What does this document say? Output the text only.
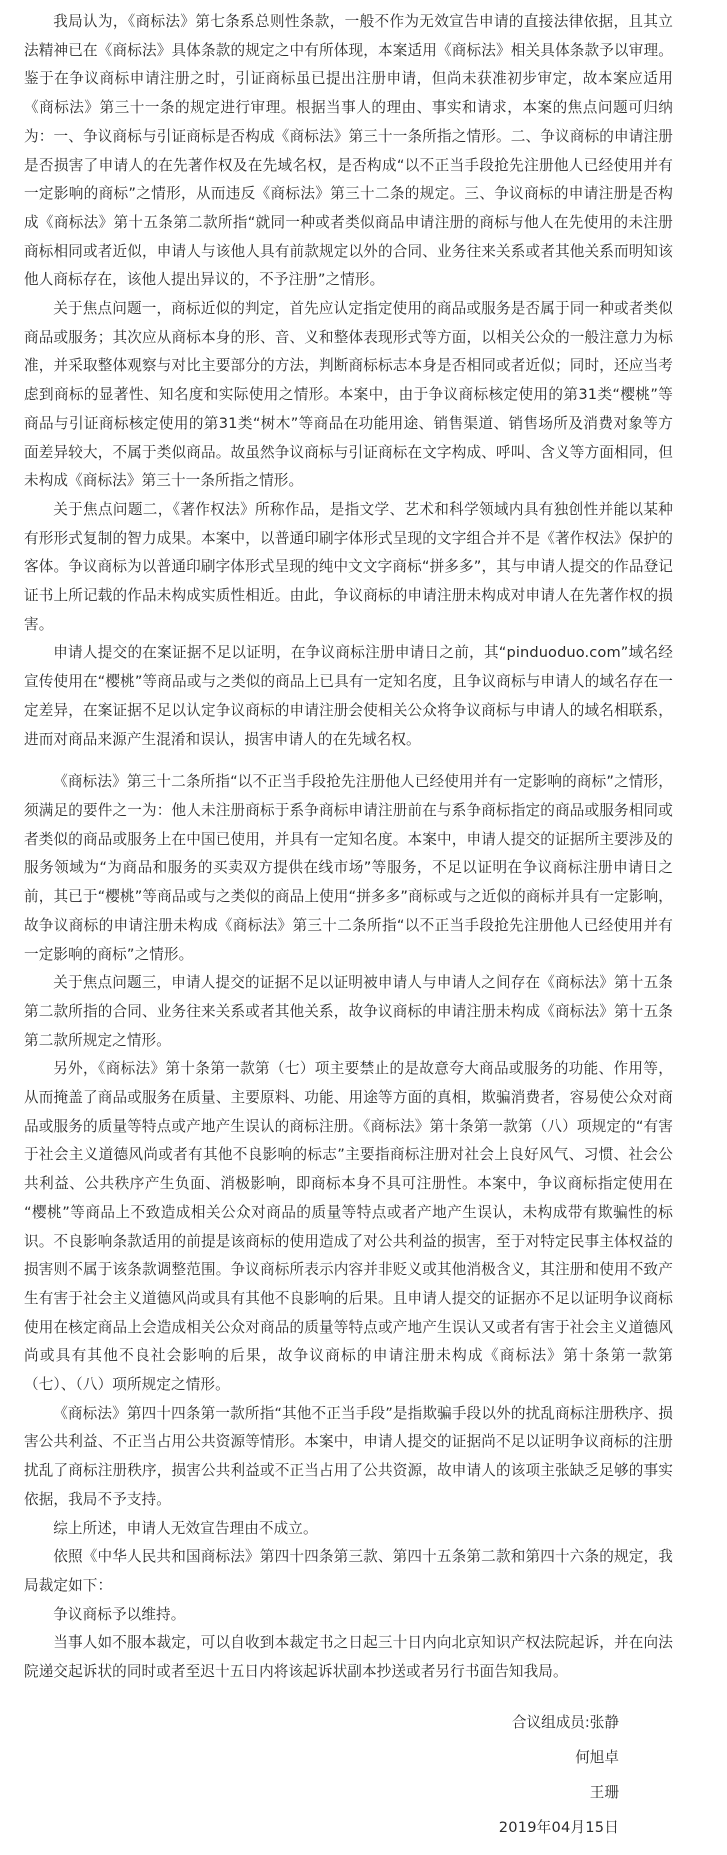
我局认为，《商标法》第七条系总则性条款，一般不作为无效宣告申请的直接法律依据，且其立法精神已在《商标法》具体条款的规定之中有所体现，本案适用《商标法》相关具体条款予以审理。鉴于在争议商标申请注册之时，引证商标虽已提出注册申请，但尚未获准初步审定，故本案应适用《商标法》第三十一条的规定进行审理。根据当事人的理由、事实和请求，本案的焦点问题可归纳为：一、争议商标与引证商标是否构成《商标法》第三十一条所指之情形。二、争议商标的申请注册是否损害了申请人的在先著作权及在先域名权，是否构成“以不正当手段抢先注册他人已经使用并有一定影响的商标”之情形，从而违反《商标法》第三十二条的规定。三、争议商标的申请注册是否构成《商标法》第十五条第二款所指“就同一种或者类似商品申请注册的商标与他人在先使用的未注册商标相同或者近似，申请人与该他人具有前款规定以外的合同、业务往来关系或者其他关系而明知该他人商标存在，该他人提出异议的，不予注册”之情形。

关于焦点问题一，商标近似的判定，首先应认定指定使用的商品或服务是否属于同一种或者类似商品或服务；其次应从商标本身的形、音、义和整体表现形式等方面，以相关公众的一般注意力为标准，并采取整体观察与对比主要部分的方法，判断商标标志本身是否相同或者近似；同时，还应当考虑到商标的显著性、知名度和实际使用之情形。本案中，由于争议商标核定使用的第31类“樱桃”等商品与引证商标核定使用的第31类“树木”等商品在功能用途、销售渠道、销售场所及消费对象等方面差异较大，不属于类似商品。故虽然争议商标与引证商标在文字构成、呼叫、含义等方面相同，但未构成《商标法》第三十一条所指之情形。

关于焦点问题二，《著作权法》所称作品，是指文学、艺术和科学领域内具有独创性并能以某种有形形式复制的智力成果。本案中，以普通印刷字体形式呈现的文字组合并不是《著作权法》保护的客体。争议商标为以普通印刷字体形式呈现的纯中文文字商标“拼多多”，其与申请人提交的作品登记证书上所记载的作品未构成实质性相近。由此，争议商标的申请注册未构成对申请人在先著作权的损害。

申请人提交的在案证据不足以证明，在争议商标注册申请日之前，其“pinduoduo.com”域名经宣传使用在“樱桃”等商品或与之类似的商品上已具有一定知名度，且争议商标与申请人的域名存在一定差异，在案证据不足以认定争议商标的申请注册会使相关公众将争议商标与申请人的域名相联系，进而对商品来源产生混淆和误认，损害申请人的在先域名权。

《商标法》第三十二条所指“以不正当手段抢先注册他人已经使用并有一定影响的商标”之情形，须满足的要件之一为：他人未注册商标于系争商标申请注册前在与系争商标指定的商品或服务相同或者类似的商品或服务上在中国已使用，并具有一定知名度。本案中，申请人提交的证据所主要涉及的服务领域为“为商品和服务的买卖双方提供在线市场”等服务，不足以证明在争议商标注册申请日之前，其已于“樱桃”等商品或与之类似的商品上使用“拼多多”商标或与之近似的商标并具有一定影响，故争议商标的申请注册未构成《商标法》第三十二条所指“以不正当手段抢先注册他人已经使用并有一定影响的商标”之情形。

关于焦点问题三，申请人提交的证据不足以证明被申请人与申请人之间存在《商标法》第十五条第二款所指的合同、业务往来关系或者其他关系，故争议商标的申请注册未构成《商标法》第十五条第二款所规定之情形。

另外，《商标法》第十条第一款第（七）项主要禁止的是故意夸大商品或服务的功能、作用等，从而掩盖了商品或服务在质量、主要原料、功能、用途等方面的真相，欺骗消费者，容易使公众对商品或服务的质量等特点或产地产生误认的商标注册。《商标法》第十条第一款第（八）项规定的“有害于社会主义道德风尚或者有其他不良影响的标志”主要指商标注册对社会上良好风气、习惯、社会公共利益、公共秩序产生负面、消极影响，即商标本身不具可注册性。本案中，争议商标指定使用在“樱桃”等商品上不致造成相关公众对商品的质量等特点或者产地产生误认，未构成带有欺骗性的标识。不良影响条款适用的前提是该商标的使用造成了对公共利益的损害，至于对特定民事主体权益的损害则不属于该条款调整范围。争议商标所表示内容并非贬义或其他消极含义，其注册和使用不致产生有害于社会主义道德风尚或具有其他不良影响的后果。且申请人提交的证据亦不足以证明争议商标使用在核定商品上会造成相关公众对商品的质量等特点或产地产生误认又或者有害于社会主义道德风尚或具有其他不良社会影响的后果，故争议商标的申请注册未构成《商标法》第十条第一款第（七）、（八）项所规定之情形。

《商标法》第四十四条第一款所指“其他不正当手段”是指欺骗手段以外的扰乱商标注册秩序、损害公共利益、不正当占用公共资源等情形。本案中，申请人提交的证据尚不足以证明争议商标的注册扰乱了商标注册秩序，损害公共利益或不正当占用了公共资源，故申请人的该项主张缺乏足够的事实依据，我局不予支持。

综上所述，申请人无效宣告理由不成立。

依照《中华人民共和国商标法》第四十四条第三款、第四十五条第二款和第四十六条的规定，我局裁定如下：

争议商标予以维持。

当事人如不服本裁定，可以自收到本裁定书之日起三十日内向北京知识产权法院起诉，并在向法院递交起诉状的同时或者至迟十五日内将该起诉状副本抄送或者另行书面告知我局。

合议组成员:张静
何旭卓
王珊
2019年04月15日
